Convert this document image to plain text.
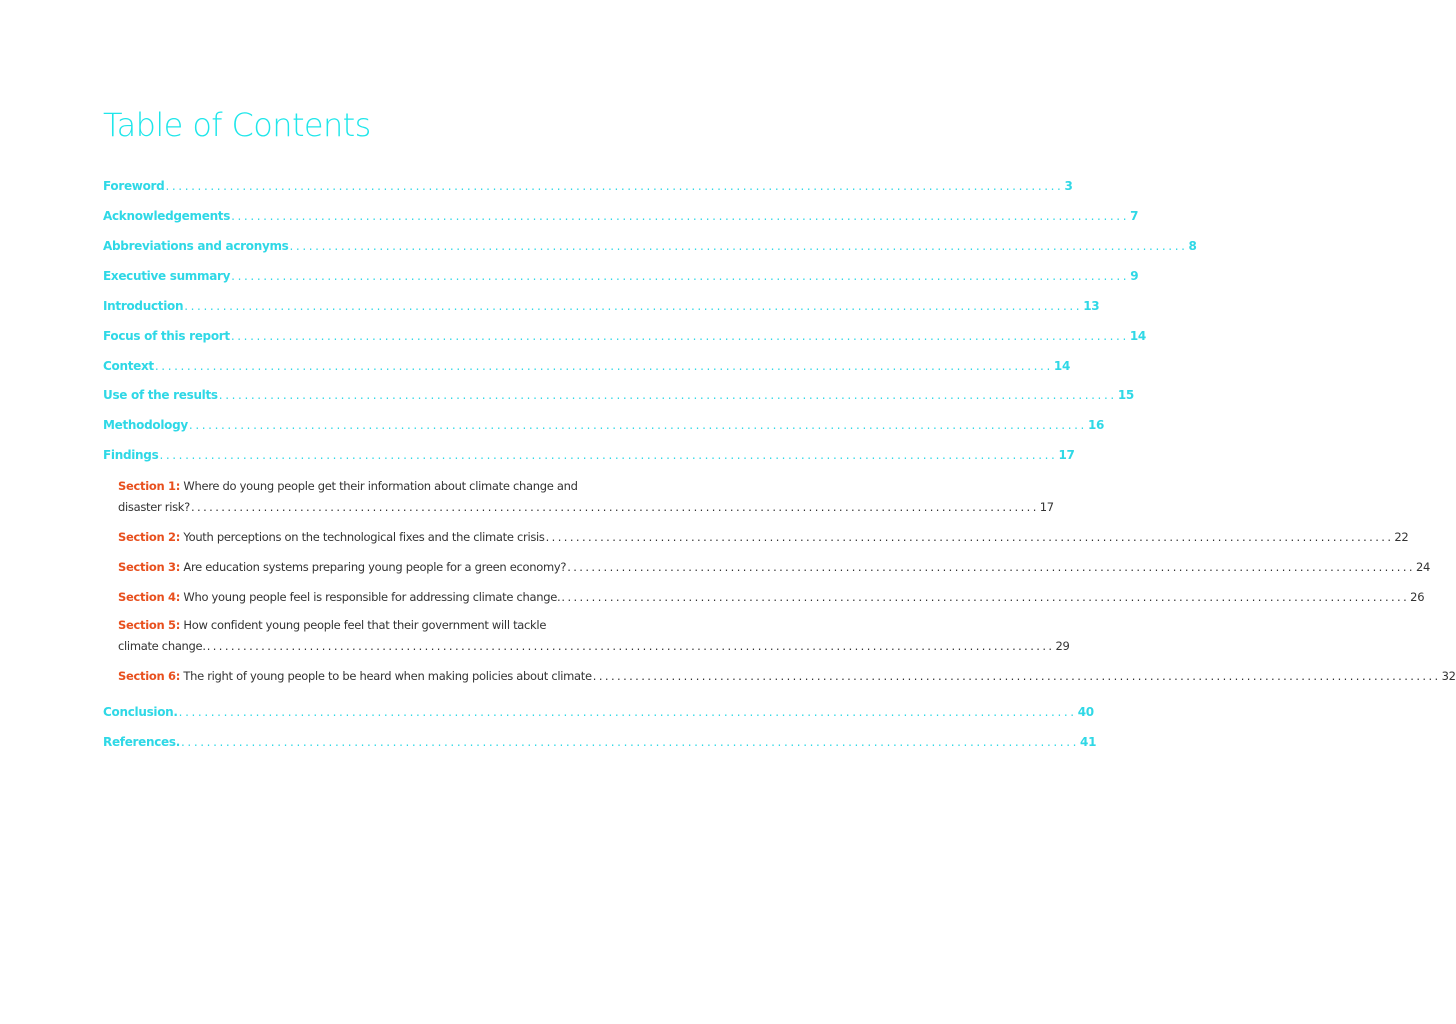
Table of Contents
Foreword ............................................................................................................................................ 3
Acknowledgements ............................................................................................................................................ 7
Abbreviations and acronyms ............................................................................................................................................ 8
Executive summary ............................................................................................................................................ 9
Introduction ............................................................................................................................................ 13
Focus of this report ............................................................................................................................................ 14
Context ............................................................................................................................................ 14
Use of the results ............................................................................................................................................ 15
Methodology ............................................................................................................................................ 16
Findings ............................................................................................................................................ 17
Section 1: Where do young people get their information about climate change and
disaster risk? ............................................................................................................................................ 17
Section 2: Youth perceptions on the technological fixes and the climate crisis ............................................................................................................................................ 22
Section 3: Are education systems preparing young people for a green economy? ............................................................................................................................................ 24
Section 4: Who young people feel is responsible for addressing climate change. ............................................................................................................................................ 26
Section 5: How confident young people feel that their government will tackle
climate change. ............................................................................................................................................ 29
Section 6: The right of young people to be heard when making policies about climate ............................................................................................................................................ 32
Conclusion. ............................................................................................................................................ 40
References. ............................................................................................................................................ 41
